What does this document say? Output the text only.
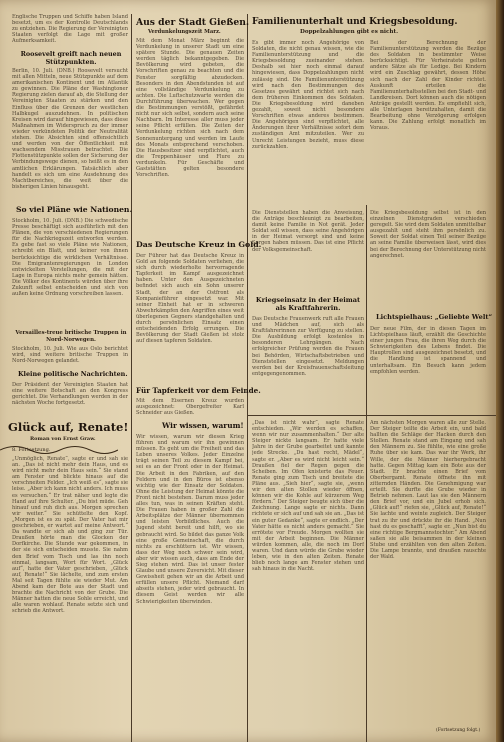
Englische Truppen und Schiffe haben Island besetzt, um es der Kontrolle Deutschlands zu entziehen. Die Regierung der Vereinigten Staaten verfolgt die Lage mit großer Aufmerksamkeit.
Roosevelt greift nach neuen Stützpunkten.
Berlin, 10. Juli. (DNB.) Roosevelt versucht mit allen Mitteln, neue Stützpunkte auf dem amerikanischen Kontinent und im Atlantik zu gewinnen. Die Pläne der Washingtoner Regierung zielen darauf ab, die Stellung der Vereinigten Staaten zu stärken und den Einfluss über die Grenzen der westlichen Halbkugel auszudehnen. In politischen Kreisen wird darauf hingewiesen, dass diese Maßnahmen im Widerspruch zu der immer wieder verkündeten Politik der Neutralität stehen. Die Absichten sind offensichtlich und werden von der Öffentlichkeit mit wachsendem Misstrauen betrachtet. Die Flottenstützpunkte sollen der Sicherung der Verbindungswege dienen, so heißt es in den amtlichen Erklärungen. Tatsächlich aber handelt es sich um eine Ausdehnung des Machtbereiches, die weit über die bisherigen Linien hinausgeht.
So viel Pläne wie Nationen.
Stockholm, 10. Juli. (DNB.) Die schwedische Presse beschäftigt sich ausführlich mit den Plänen, die von verschiedenen Regierungen für die Nachkriegszeit entworfen werden. Es gebe fast so viele Pläne wie Nationen, schreibt ein Blatt, und keiner von ihnen berücksichtige die wirklichen Verhältnisse. Die Emigrantenregierungen in London entwickelten Vorstellungen, die mit der Lage in Europa nichts mehr gemein hätten. Die Völker des Kontinents würden über ihre Zukunft selbst entscheiden und sich von außen keine Ordnung vorschreiben lassen.
Versailles-treue britische Truppen in Nord-Norwegen.
Stockholm, 10. Juli. Wie aus Oslo berichtet wird, sind weitere britische Truppen in Nord-Norwegen gelandet.
Kleine politische Nachrichten.
Der Präsident der Vereinigten Staaten hat eine weitere Botschaft an den Kongress gerichtet. Die Verhandlungen werden in der nächsten Woche fortgesetzt.
Glück auf, Renate!
Roman von Ernst Graw.
8. Fortsetzung.
„Unmöglich, Renate“, sagte er und sah sie an. „Das ist nicht mehr dein Haus, und es wird nicht mehr dein Haus sein.“ Sie stand am Fenster und blickte hinaus auf die verschneiten Felder. „Ich weiß es“, sagte sie leise. „Aber ich kann nicht anders. Ich muss es versuchen.“ Er trat näher und legte die Hand auf ihre Schulter. „Du bist müde. Geh hinauf und ruh dich aus. Morgen sprechen wir weiter.“ Sie schüttelte den Kopf. „Morgen ist es zu spät. Der Vater hat mir geschrieben, er wartet auf meine Antwort.“ Da wandte er sich ab und ging zur Tür. Draußen hörte man die Glocken der Dorfkirche. Die Stunde war gekommen, in der sie sich entscheiden musste. Sie nahm den Brief vom Tisch und las ihn noch einmal, langsam, Wort für Wort. „Glück auf“, hatte der Vater geschrieben, „Glück auf, Renate!“ Sie lächelte, und zum ersten Mal seit Tagen fühlte sie wieder Mut. Am Abend kam der Bote aus der Stadt und brachte die Nachricht von der Grube. Die Männer hatten die neue Sohle erreicht, und alle waren wohlauf. Renate setzte sich und schrieb die Antwort.
Aus der Stadt Gießen.
Verdunkelungszeit Marz.
Mit dem Monat März beginnt die Verdunkelung in unserer Stadt um eine spätere Stunde. Die genauen Zeiten werden täglich bekanntgegeben. Die Bevölkerung wird gebeten, die Vorschriften genau zu beachten und die Fenster sorgfältig abzudecken. Besonders in den Abendstunden ist auf eine vollständige Verdunkelung zu achten. Die Luftschutzwarte werden die Durchführung überwachen. Wer gegen die Bestimmungen verstößt, gefährdet nicht nur sich selbst, sondern auch seine Nachbarn. Im Interesse aller muss jeder seine Pflicht erfüllen. Die Zeiten der Verdunkelung richten sich nach dem Sonnenuntergang und werden im Laufe des Monats entsprechend verschoben. Die Hausbesitzer sind verpflichtet, auch die Treppenhäuser und Flure zu verdunkeln. Für Geschäfte und Gaststätten gelten besondere Vorschriften.
Das Deutsche Kreuz in Gold.
Der Führer hat das Deutsche Kreuz in Gold an folgende Soldaten verliehen, die sich durch wiederholte hervorragende Tapferkeit im Kampf ausgezeichnet haben. Unter den Ausgezeichneten befindet sich auch ein Sohn unserer Stadt, der an der Ostfront als Kompanieführer eingesetzt war. Mit seiner Einheit hat er in schweren Abwehrkämpfen den Angriffen eines weit überlegenen Gegners standgehalten und durch persönlichen Einsatz einen entscheidenden Erfolg errungen. Die Bevölkerung der Stadt Gießen ist stolz auf diesen tapferen Soldaten.
Für Tapferkeit vor dem Feinde.
Mit dem Eisernen Kreuz wurden ausgezeichnet: Obergefreiter Karl Schneider aus Gießen.
Wir wissen, warum!
Wir wissen, warum wir diesen Krieg führen und warum wir ihn gewinnen müssen. Es geht um die Freiheit und das Leben unseres Volkes. Jeder Einzelne trägt seinen Teil zu diesem Kampf bei, sei es an der Front oder in der Heimat. Die Arbeit in den Fabriken, auf den Feldern und in den Büros ist ebenso wichtig wie der Einsatz der Soldaten. Ohne die Leistung der Heimat könnte die Front nicht bestehen. Darum muss jeder alles tun, was in seinen Kräften steht. Die Frauen haben in großer Zahl die Arbeitsplätze der Männer übernommen und leisten Vorbildliches. Auch die Jugend steht bereit und hilft, wo sie gebraucht wird. So bildet das ganze Volk eine große Gemeinschaft, die durch nichts zu erschüttern ist. Wir wissen, dass der Weg noch schwer sein wird, aber wir wissen auch, dass am Ende der Sieg stehen wird. Das ist unser fester Glaube und unsere Zuversicht. Mit dieser Gewissheit gehen wir an die Arbeit und erfüllen unsere Pflicht. Niemand darf abseits stehen, jeder wird gebraucht. In diesem Geist werden wir alle Schwierigkeiten überwinden.
Familienunterhalt und Kriegsbesoldung.
Doppelzahlungen gibt es nicht.
Es gibt immer noch Angehörige von Soldaten, die nicht genau wissen, wie die Familienunterstützung und die Kriegsbesoldung zueinander stehen. Deshalb sei hier noch einmal darauf hingewiesen, dass Doppelzahlungen nicht zulässig sind. Die Familienunterstützung wird nach den Bestimmungen des Gesetzes gewährt und richtet sich nach dem früheren Einkommen des Soldaten. Die Kriegsbesoldung wird daneben gezahlt, soweit nicht besondere Vorschriften etwas anderes bestimmen. Die Angehörigen sind verpflichtet, alle Änderungen ihrer Verhältnisse sofort dem zuständigen Amt mitzuteilen. Wer zu Unrecht Leistungen bezieht, muss diese zurückzahlen.
Bei der Berechnung der Familienunterstützung werden die Bezüge des Soldaten in bestimmter Weise berücksichtigt. Für Verheiratete gelten andere Sätze als für Ledige. Bei Kindern wird ein Zuschlag gewährt, dessen Höhe sich nach der Zahl der Kinder richtet. Auskunft erteilen die Familienunterhaltsstellen bei den Stadt- und Landkreisen. Dort können auch die nötigen Anträge gestellt werden. Es empfiehlt sich, alle Unterlagen bereitzuhalten, damit die Bearbeitung ohne Verzögerung erfolgen kann. Die Zahlung erfolgt monatlich im Voraus.
Die Dienststellen haben die Anweisung, die Anträge beschleunigt zu bearbeiten, damit keine Familie in Not gerät. Jeder Soldat soll wissen, dass seine Angehörigen in der Heimat versorgt sind und keine Sorgen haben müssen. Das ist eine Pflicht der Volksgemeinschaft.
Kriegseinsatz in der Heimat als Kraftfahrerin.
Das Deutsche Frauenwerk ruft alle Frauen und Mädchen auf, sich als Kraftfahrerinnen zur Verfügung zu stellen. Die Ausbildung erfolgt kostenlos in besonderen Lehrgängen. Nach erfolgreicher Prüfung werden die Frauen bei Behörden, Wirtschaftsbetrieben und Dienststellen eingesetzt. Meldungen werden bei der Kreisfrauenschaftsleitung entgegengenommen.
Die Kriegsbesoldung selbst ist in den einzelnen Dienstgraden verschieden geregelt. Sie wird dem Soldaten unmittelbar ausgezahlt und steht ihm persönlich zu. Soweit der Soldat einen Teil seiner Bezüge an seine Familie überweisen lässt, wird dies bei der Berechnung der Unterstützung nicht angerechnet.
Lichtspielhaus: „Geliebte Welt“
Der neue Film, der in diesen Tagen im Lichtspielhaus läuft, erzählt die Geschichte einer jungen Frau, die ihren Weg durch die Schwierigkeiten des Lebens findet. Die Hauptrollen sind ausgezeichnet besetzt, und die Handlung ist spannend und unterhaltsam. Ein Besuch kann jedem empfohlen werden.
„Das ist nicht wahr“, sagte Renate entschieden. „Wir werden es schaffen, wenn wir nur zusammenhalten.“ Der alte Steiger nickte langsam. Er hatte viele Jahre in der Grube gearbeitet und kannte jede Strecke. „Du hast recht, Mädel“, sagte er. „Aber es wird nicht leicht sein.“ Draußen fiel der Regen gegen die Scheiben. Im Ofen knisterte das Feuer. Renate ging zum Tisch und breitete die Pläne aus. „Sieh hier“, sagte sie, „wenn wir den alten Stollen wieder öffnen, können wir die Kohle auf kürzerem Weg fördern.“ Der Steiger beugte sich über die Zeichnung. Lange sagte er nichts. Dann richtete er sich auf und sah sie an. „Das ist ein guter Gedanke“, sagte er endlich. „Der Vater hätte es nicht anders gemacht.“ Sie errötete vor Freude. Morgen wollten sie mit der Arbeit beginnen. Die Männer würden kommen, alle, die noch im Dorf waren. Und dann würde die Grube wieder leben, wie in den alten Zeiten. Renate blieb noch lange am Fenster stehen und sah hinaus in die Nacht.
Am nächsten Morgen waren alle zur Stelle. Der Steiger teilte die Arbeit ein, und bald hallten die Schläge der Hacken durch den Stollen. Renate stand am Eingang und sah den Männern zu. Sie fühlte, wie eine große Ruhe über sie kam. Das war ihr Werk, ihr Wille, der die Männer hierhergebracht hatte. Gegen Mittag kam ein Bote aus der Stadt. Er brachte einen Brief vom Oberbergamt. Renate öffnete ihn mit zitternden Händen. Die Genehmigung war erteilt. Sie durfte die Grube wieder in Betrieb nehmen. Laut las sie den Männern den Brief vor, und ein Jubel erhob sich. „Glück auf!“ riefen sie, „Glück auf, Renate!“ Sie lachte und weinte zugleich. Der Steiger trat zu ihr und drückte ihr die Hand. „Nun hast du es geschafft“, sagte er. „Nun bist du eine richtige Bergmannstochter.“ Am Abend saßen sie alle beisammen in der kleinen Stube und erzählten von den alten Zeiten. Die Lampe brannte, und draußen rauschte der Wald.
(Fortsetzung folgt.)
